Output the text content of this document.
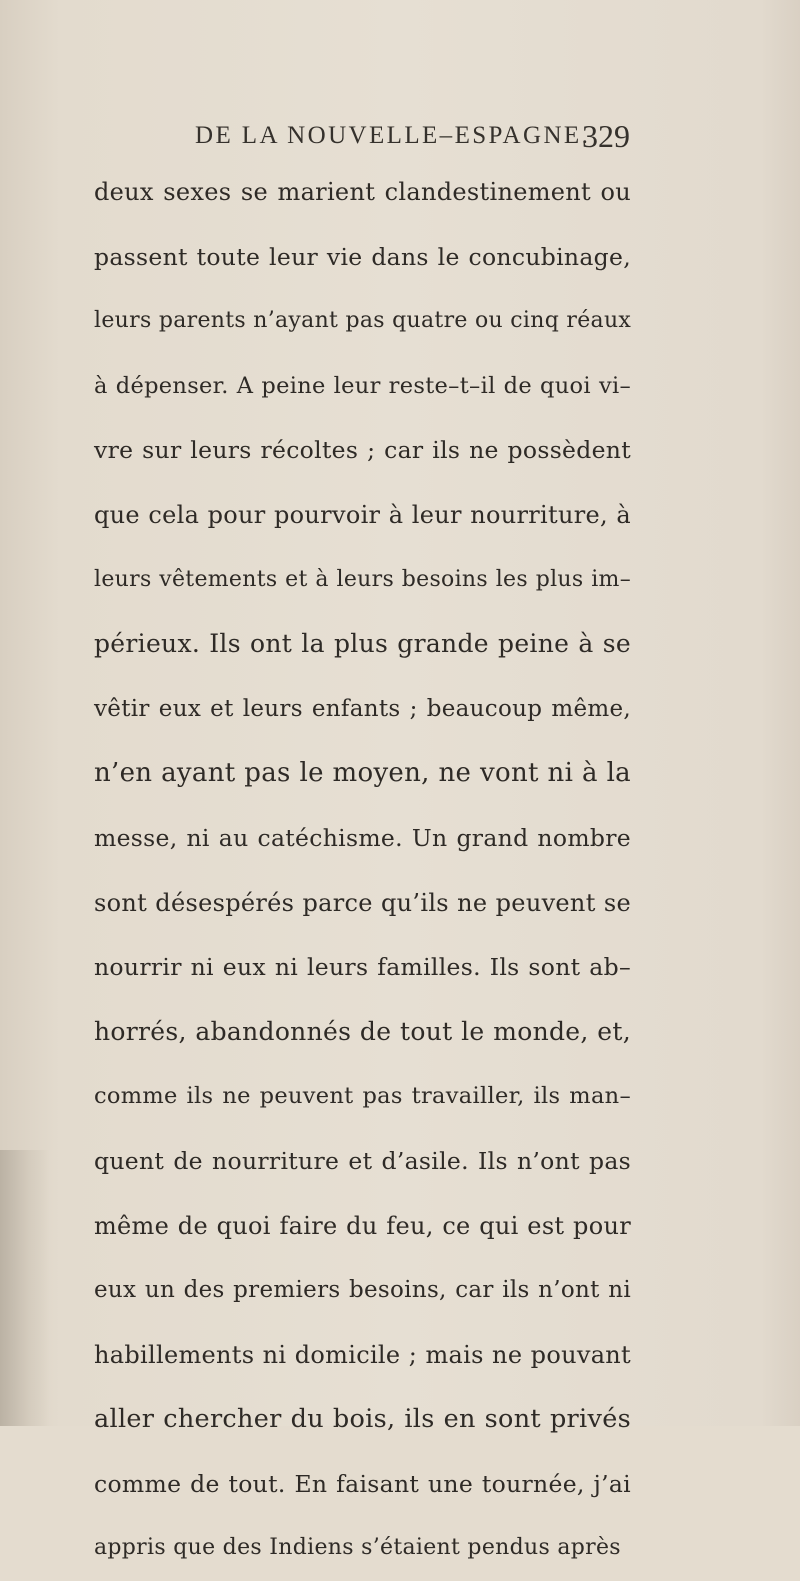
DE LA NOUVELLE–ESPAGNE.
329
deux sexes se marient clandestinement ou
passent toute leur vie dans le concubinage,
leurs parents n’ayant pas quatre ou cinq réaux
à dépenser. A peine leur reste–t–il de quoi vi–
vre sur leurs récoltes ; car ils ne possèdent
que cela pour pourvoir à leur nourriture, à
leurs vêtements et à leurs besoins les plus im–
périeux. Ils ont la plus grande peine à se
vêtir eux et leurs enfants ; beaucoup même,
n’en ayant pas le moyen, ne vont ni à la
messe, ni au catéchisme. Un grand nombre
sont désespérés parce qu’ils ne peuvent se
nourrir ni eux ni leurs familles. Ils sont ab–
horrés, abandonnés de tout le monde, et,
comme ils ne peuvent pas travailler, ils man–
quent de nourriture et d’asile. Ils n’ont pas
même de quoi faire du feu, ce qui est pour
eux un des premiers besoins, car ils n’ont ni
habillements ni domicile ; mais ne pouvant
aller chercher du bois, ils en sont privés
comme de tout. En faisant une tournée, j’ai
appris que des Indiens s’étaient pendus après
